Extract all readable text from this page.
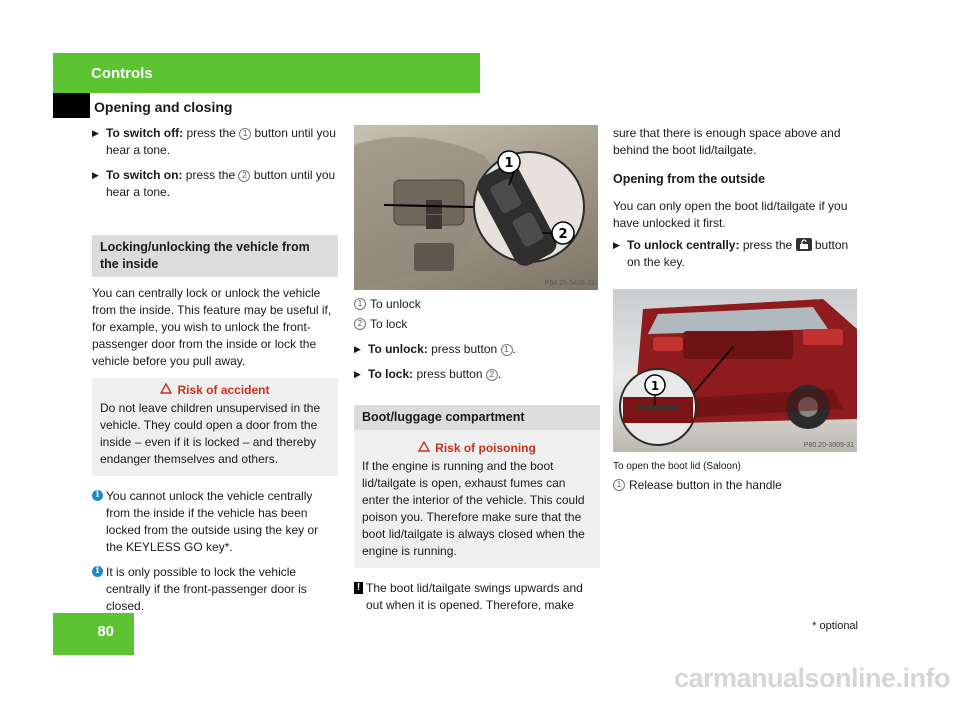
Controls
Opening and closing
▶ To switch off: press the 1 button until you hear a tone.
▶ To switch on: press the 2 button until you hear a tone.
Locking/unlocking the vehicle from the inside

You can centrally lock or unlock the vehicle from the inside. This feature may be useful if, for example, you wish to unlock the front-passenger door from the inside or lock the vehicle before you pull away.

Risk of accident
Do not leave children unsupervised in the vehicle. They could open a door from the inside – even if it is locked – and thereby endanger themselves and others.
i You cannot unlock the vehicle centrally from the inside if the vehicle has been locked from the outside using the key or the KEYLESS GO key*.
i It is only possible to lock the vehicle centrally if the front-passenger door is closed.
1
2
P54.25-5428-31
1 To unlock
2 To lock
▶ To unlock: press button 1 .
▶ To lock: press button 2 .
Boot/luggage compartment
Risk of poisoning
If the engine is running and the boot lid/tailgate is open, exhaust fumes can enter the interior of the vehicle. This could poison you. Therefore make sure that the boot lid/tailgate is always closed when the engine is running.
! The boot lid/tailgate swings upwards and out when it is opened. Therefore, make

sure that there is enough space above and behind the boot lid/tailgate.

Opening from the outside

You can only open the boot lid/tailgate if you have unlocked it first.

▶ To unlock centrally: press the button on the key.
1
P80.20-3009-31
To open the boot lid (Saloon)
1 Release button in the handle
80	* optional
carmanualsonline.info
